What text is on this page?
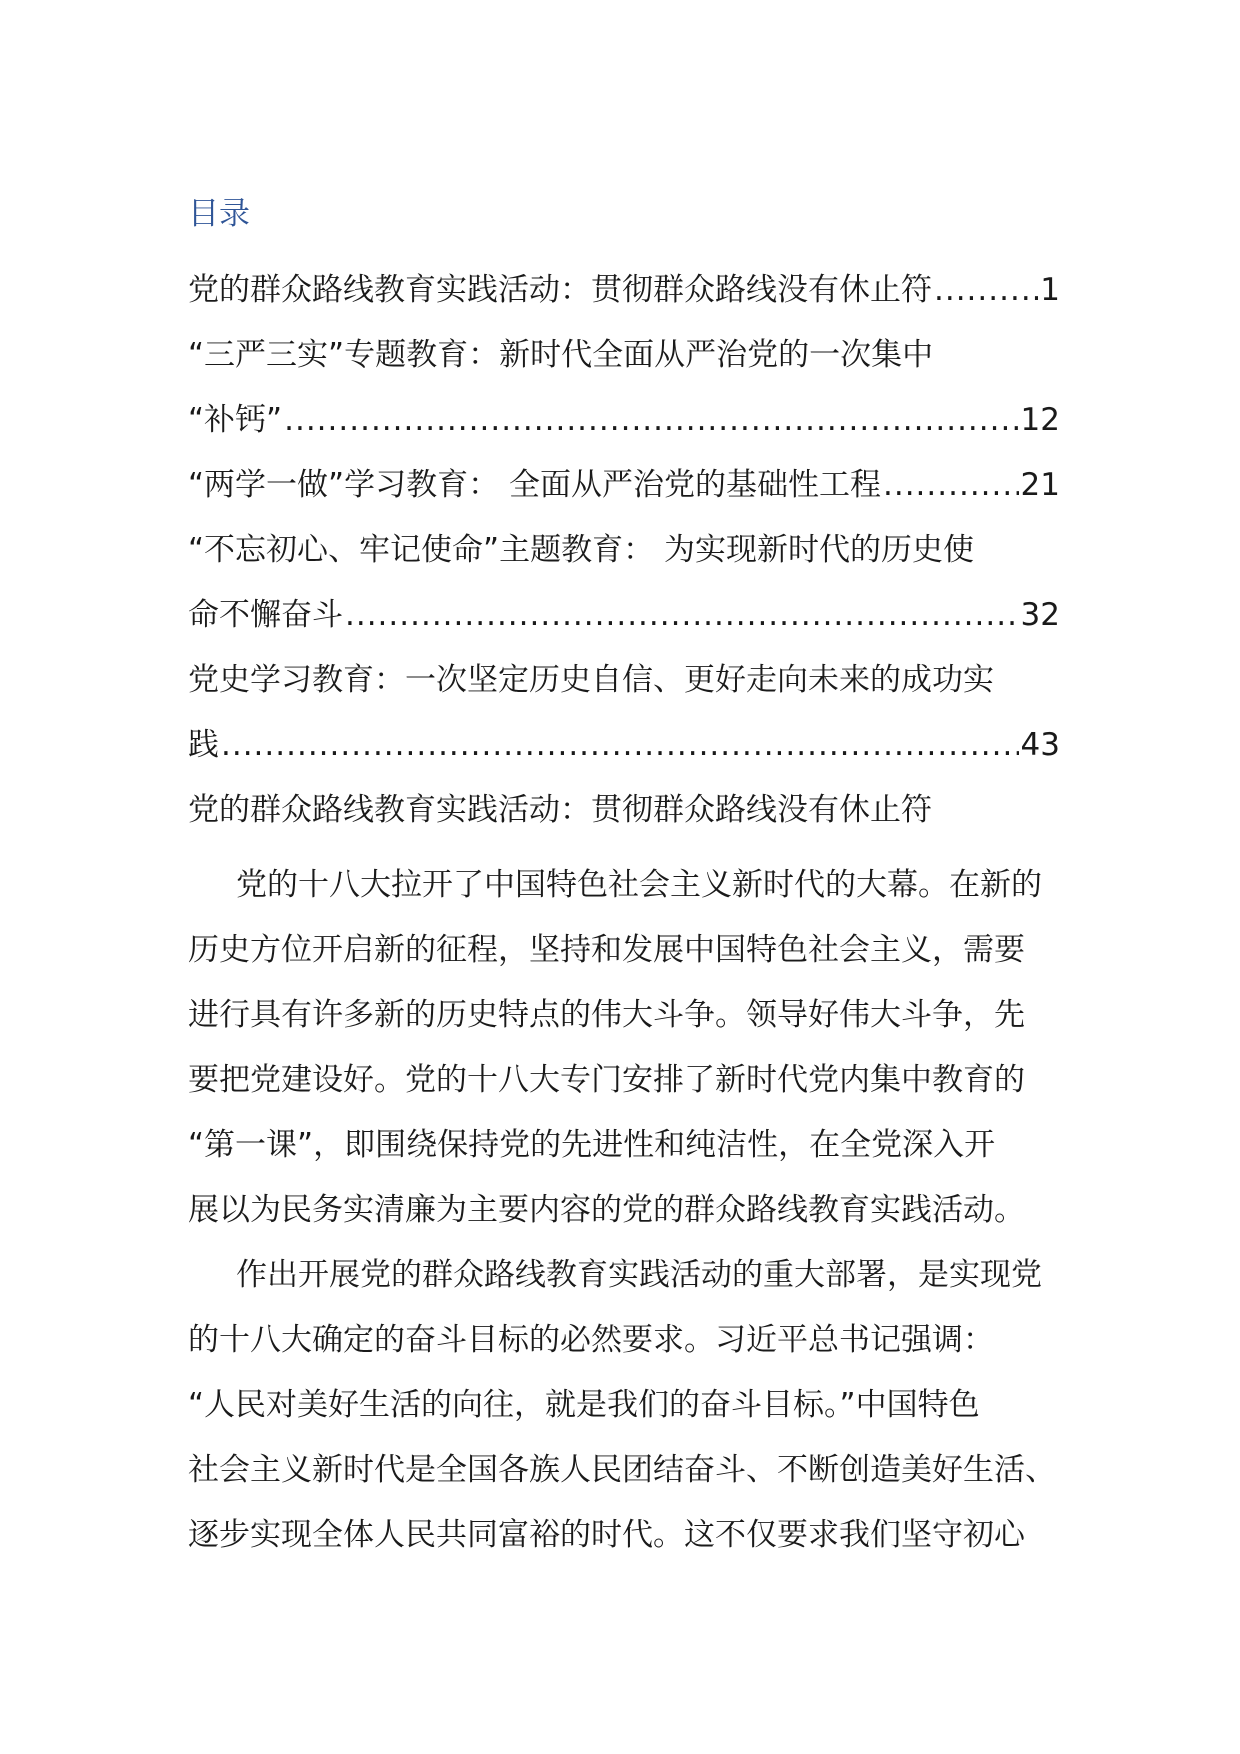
目录
党的群众路线教育实践活动：贯彻群众路线没有休止符 .....	1
“三严三实”专题教育：新时代全面从严治党的一次集中
“补钙” .....	12
“两学一做”学习教育： 全面从严治党的基础性工程 .....	21
“不忘初心、牢记使命”主题教育： 为实现新时代的历史使
命不懈奋斗 .....	32
党史学习教育：一次坚定历史自信、更好走向未来的成功实
践 .....	43
党的群众路线教育实践活动：贯彻群众路线没有休止符
党的十八大拉开了中国特色社会主义新时代的大幕。在新的
历史方位开启新的征程，坚持和发展中国特色社会主义，需要
进行具有许多新的历史特点的伟大斗争。领导好伟大斗争，先
要把党建设好。党的十八大专门安排了新时代党内集中教育的
“第一课”，即围绕保持党的先进性和纯洁性，在全党深入开
展以为民务实清廉为主要内容的党的群众路线教育实践活动。
作出开展党的群众路线教育实践活动的重大部署，是实现党
的十八大确定的奋斗目标的必然要求。习近平总书记强调：
“人民对美好生活的向往，就是我们的奋斗目标。”中国特色
社会主义新时代是全国各族人民团结奋斗、不断创造美好生活、
逐步实现全体人民共同富裕的时代。这不仅要求我们坚守初心
